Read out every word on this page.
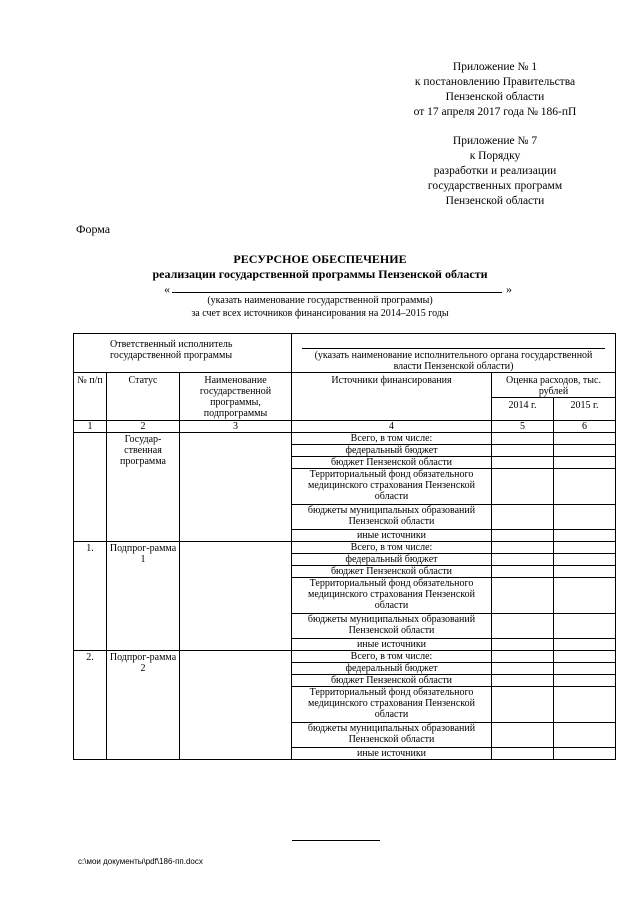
Приложение № 1
к постановлению Правительства
Пензенской области
от 17 апреля 2017 года № 186-пП
Приложение № 7
к Порядку
разработки и реализации
государственных программ
Пензенской области
Форма
РЕСУРСНОЕ ОБЕСПЕЧЕНИЕ
реализации государственной программы Пензенской области
«	»
(указать наименование государственной программы)
за счет всех источников финансирования на 2014–2015 годы
Ответственный исполнитель государственной программы			(указать наименование исполнительного органа государственной власти Пензенской области)		

№ п/п	Статус	Наименование государственной программы, подпрограммы	Источники финансирования	Оценка расходов, тыс. рублей	
				2014 г.	2015 г.
1	2	3	4	5	6
	Государ-ственная программа		Всего, в том числе:		
			федеральный бюджет		
			бюджет Пензенской области		
			Территориальный фонд обязательного медицинского страхования Пензенской области		
			бюджеты муниципальных образований Пензенской области		
			иные источники		
1.	Подпрог-рамма 1		Всего, в том числе:		
			федеральный бюджет		
			бюджет Пензенской области		
			Территориальный фонд обязательного медицинского страхования Пензенской области		
			бюджеты муниципальных образований Пензенской области		
			иные источники		
2.	Подпрог-рамма 2		Всего, в том числе:		
			федеральный бюджет		
			бюджет Пензенской области		
			Территориальный фонд обязательного медицинского страхования Пензенской области		
			бюджеты муниципальных образований Пензенской области		
			иные источники		
c:\мои документы\pdf\186-пп.docx
